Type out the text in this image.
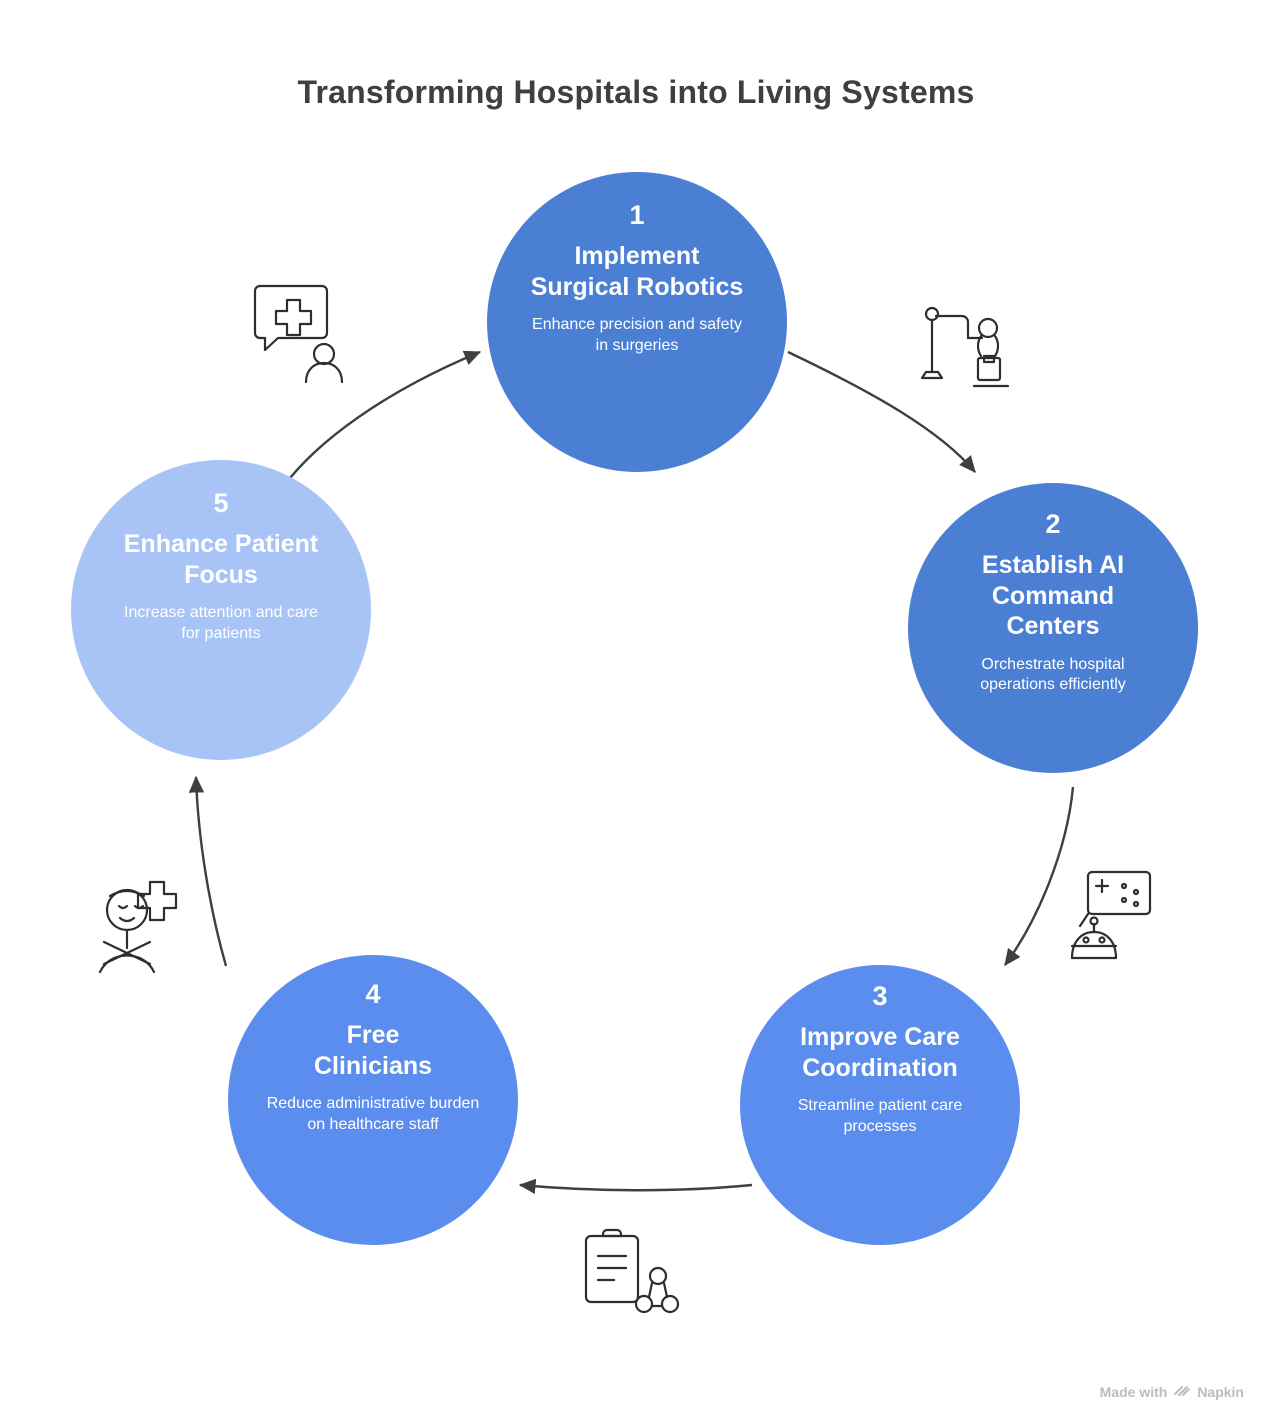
Transforming Hospitals into Living Systems
1
Implement Surgical Robotics
Enhance precision and safety in surgeries
2
Establish AI Command Centers
Orchestrate hospital operations efficiently
3
Improve Care Coordination
Streamline patient care processes
4
Free Clinicians
Reduce administrative burden on healthcare staff
5
Enhance Patient Focus
Increase attention and care for patients
Made with Napkin
